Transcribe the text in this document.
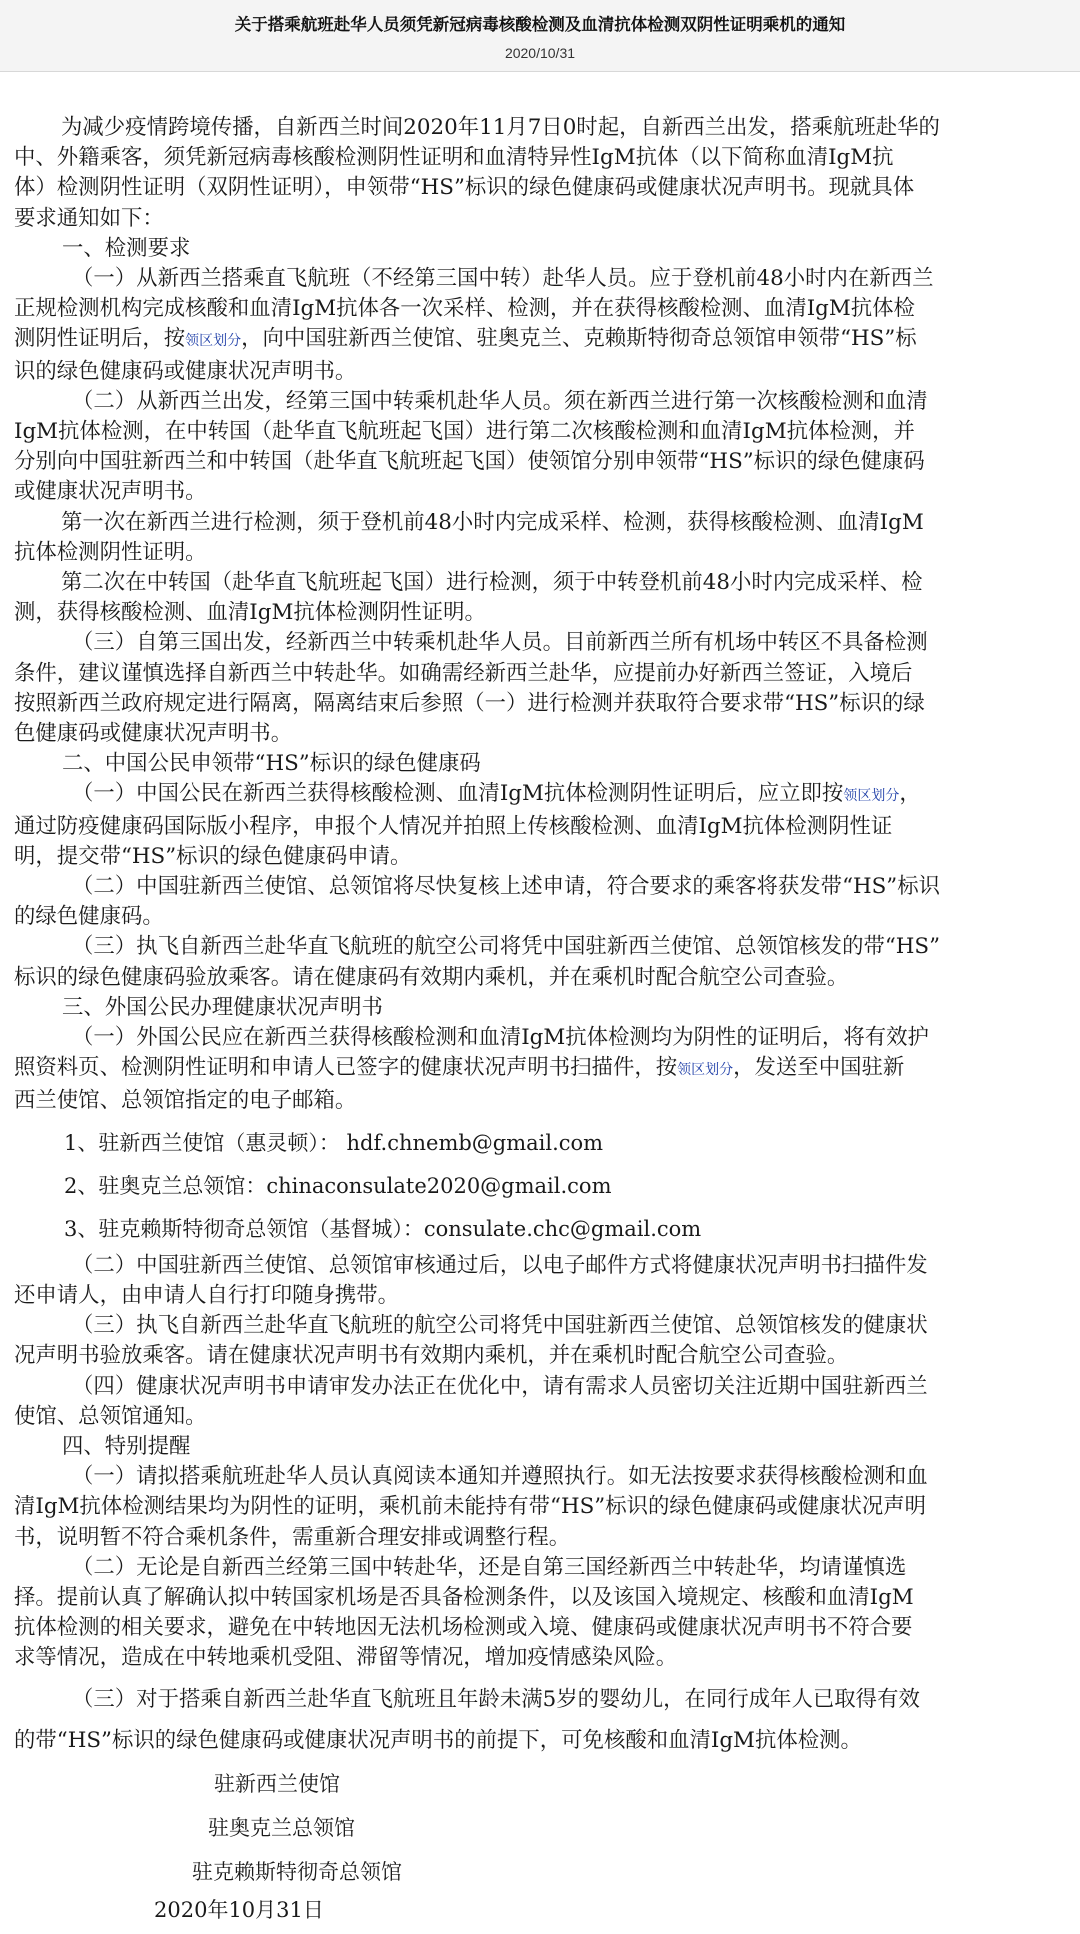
关于搭乘航班赴华人员须凭新冠病毒核酸检测及血清抗体检测双阴性证明乘机的通知
2020/10/31

为减少疫情跨境传播，自新西兰时间2020年11月7日0时起，自新西兰出发，搭乘航班赴华的

中、外籍乘客，须凭新冠病毒核酸检测阴性证明和血清特异性IgM抗体（以下简称血清IgM抗

体）检测阴性证明（双阴性证明），申领带“HS”标识的绿色健康码或健康状况声明书。现就具体

要求通知如下：

一、检测要求

（一）从新西兰搭乘直飞航班（不经第三国中转）赴华人员。应于登机前48小时内在新西兰

正规检测机构完成核酸和血清IgM抗体各一次采样、检测，并在获得核酸检测、血清IgM抗体检

测阴性证明后，按领区划分，向中国驻新西兰使馆、驻奥克兰、克赖斯特彻奇总领馆申领带“HS”标

识的绿色健康码或健康状况声明书。

（二）从新西兰出发，经第三国中转乘机赴华人员。须在新西兰进行第一次核酸检测和血清

IgM抗体检测，在中转国（赴华直飞航班起飞国）进行第二次核酸检测和血清IgM抗体检测，并

分别向中国驻新西兰和中转国（赴华直飞航班起飞国）使领馆分别申领带“HS”标识的绿色健康码

或健康状况声明书。

第一次在新西兰进行检测，须于登机前48小时内完成采样、检测，获得核酸检测、血清IgM

抗体检测阴性证明。

第二次在中转国（赴华直飞航班起飞国）进行检测，须于中转登机前48小时内完成采样、检

测，获得核酸检测、血清IgM抗体检测阴性证明。

（三）自第三国出发，经新西兰中转乘机赴华人员。目前新西兰所有机场中转区不具备检测

条件，建议谨慎选择自新西兰中转赴华。如确需经新西兰赴华，应提前办好新西兰签证，入境后

按照新西兰政府规定进行隔离，隔离结束后参照（一）进行检测并获取符合要求带“HS”标识的绿

色健康码或健康状况声明书。

二、中国公民申领带“HS”标识的绿色健康码

（一）中国公民在新西兰获得核酸检测、血清IgM抗体检测阴性证明后，应立即按领区划分，

通过防疫健康码国际版小程序，申报个人情况并拍照上传核酸检测、血清IgM抗体检测阴性证

明，提交带“HS”标识的绿色健康码申请。

（二）中国驻新西兰使馆、总领馆将尽快复核上述申请，符合要求的乘客将获发带“HS”标识

的绿色健康码。

（三）执飞自新西兰赴华直飞航班的航空公司将凭中国驻新西兰使馆、总领馆核发的带“HS”

标识的绿色健康码验放乘客。请在健康码有效期内乘机，并在乘机时配合航空公司查验。

三、外国公民办理健康状况声明书

（一）外国公民应在新西兰获得核酸检测和血清IgM抗体检测均为阴性的证明后，将有效护

照资料页、检测阴性证明和申请人已签字的健康状况声明书扫描件，按领区划分，发送至中国驻新

西兰使馆、总领馆指定的电子邮箱。

1、驻新西兰使馆（惠灵顿）： hdf.chnemb@gmail.com

2、驻奥克兰总领馆：chinaconsulate2020@gmail.com

3、驻克赖斯特彻奇总领馆（基督城）：consulate.chc@gmail.com

（二）中国驻新西兰使馆、总领馆审核通过后，以电子邮件方式将健康状况声明书扫描件发

还申请人，由申请人自行打印随身携带。

（三）执飞自新西兰赴华直飞航班的航空公司将凭中国驻新西兰使馆、总领馆核发的健康状

况声明书验放乘客。请在健康状况声明书有效期内乘机，并在乘机时配合航空公司查验。

（四）健康状况声明书申请审发办法正在优化中，请有需求人员密切关注近期中国驻新西兰

使馆、总领馆通知。

四、特别提醒

（一）请拟搭乘航班赴华人员认真阅读本通知并遵照执行。如无法按要求获得核酸检测和血

清IgM抗体检测结果均为阴性的证明，乘机前未能持有带“HS”标识的绿色健康码或健康状况声明

书，说明暂不符合乘机条件，需重新合理安排或调整行程。

（二）无论是自新西兰经第三国中转赴华，还是自第三国经新西兰中转赴华，均请谨慎选

择。提前认真了解确认拟中转国家机场是否具备检测条件，以及该国入境规定、核酸和血清IgM

抗体检测的相关要求，避免在中转地因无法机场检测或入境、健康码或健康状况声明书不符合要

求等情况，造成在中转地乘机受阻、滞留等情况，增加疫情感染风险。

（三）对于搭乘自新西兰赴华直飞航班且年龄未满5岁的婴幼儿，在同行成年人已取得有效

的带“HS”标识的绿色健康码或健康状况声明书的前提下，可免核酸和血清IgM抗体检测。

驻新西兰使馆
驻奥克兰总领馆
驻克赖斯特彻奇总领馆
2020年10月31日
